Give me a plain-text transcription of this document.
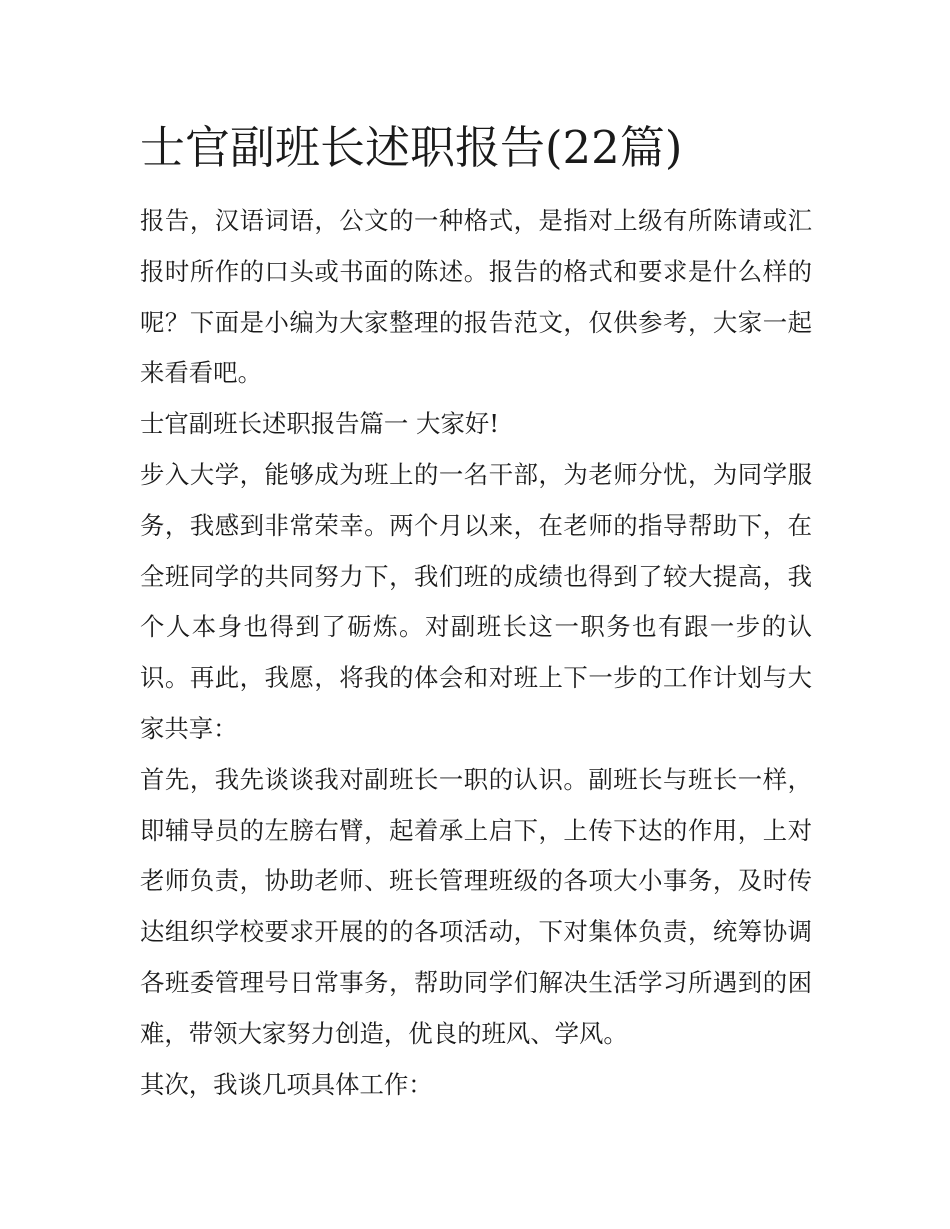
士官副班长述职报告(22篇)

报告，汉语词语，公文的一种格式，是指对上级有所陈请或汇报时所作的口头或书面的陈述。报告的格式和要求是什么样的呢？下面是小编为大家整理的报告范文，仅供参考，大家一起来看看吧。

士官副班长述职报告篇一 大家好!

步入大学，能够成为班上的一名干部，为老师分忧，为同学服务，我感到非常荣幸。两个月以来，在老师的指导帮助下，在全班同学的共同努力下，我们班的成绩也得到了较大提高，我个人本身也得到了砺炼。对副班长这一职务也有跟一步的认识。再此，我愿，将我的体会和对班上下一步的工作计划与大家共享：

首先，我先谈谈我对副班长一职的认识。副班长与班长一样，即辅导员的左膀右臂，起着承上启下，上传下达的作用，上对老师负责，协助老师、班长管理班级的各项大小事务，及时传达组织学校要求开展的的各项活动，下对集体负责，统筹协调各班委管理号日常事务，帮助同学们解决生活学习所遇到的困难，带领大家努力创造，优良的班风、学风。

其次，我谈几项具体工作：
